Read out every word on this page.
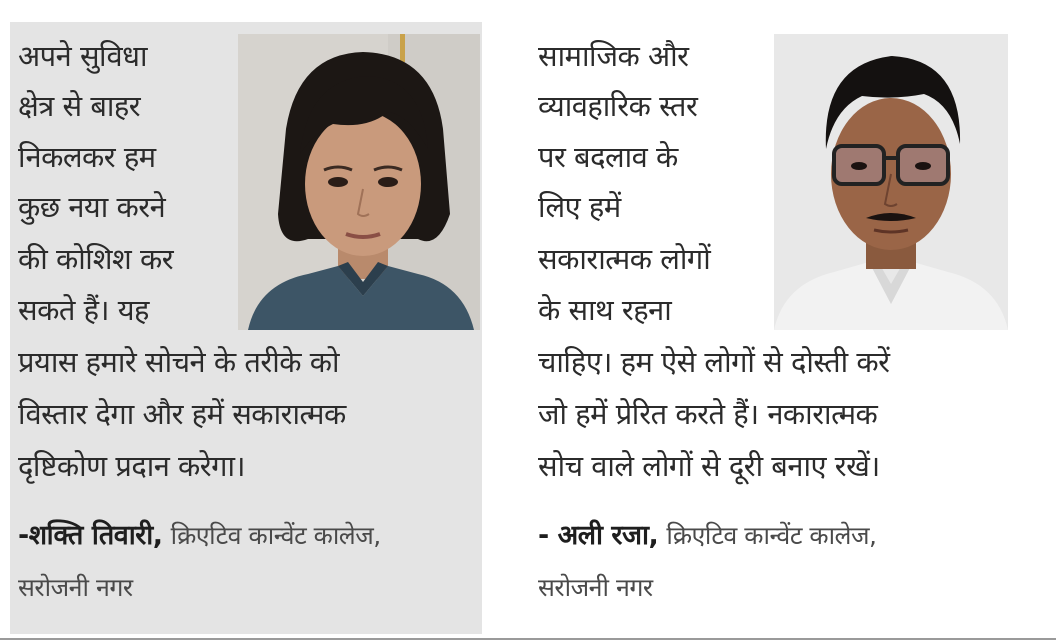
अपने सुविधा
क्षेत्र से बाहर
निकलकर हम
कुछ नया करने
की कोशिश कर
सकते हैं। यह
प्रयास हमारे सोचने के तरीके को
विस्तार देगा और हमें सकारात्मक
दृष्टिकोण प्रदान करेगा।
-शक्ति तिवारी, क्रिएटिव कान्वेंट कालेज,
सरोजनी नगर
सामाजिक और
व्यावहारिक स्तर
पर बदलाव के
लिए हमें
सकारात्मक लोगों
के साथ रहना
चाहिए। हम ऐसे लोगों से दोस्ती करें
जो हमें प्रेरित करते हैं। नकारात्मक
सोच वाले लोगों से दूरी बनाए रखें।
- अली रजा, क्रिएटिव कान्वेंट कालेज,
सरोजनी नगर
